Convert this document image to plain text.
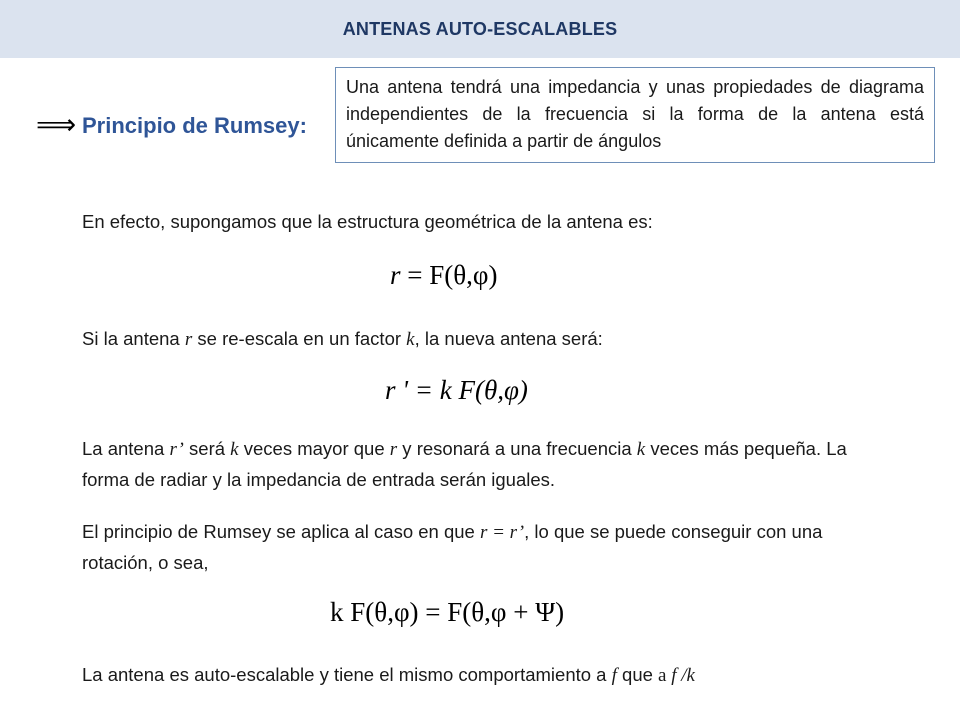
ANTENAS AUTO-ESCALABLES
⟹ Principio de Rumsey:
Una antena tendrá una impedancia y unas propiedades de diagrama independientes de la frecuencia si la forma de la antena está únicamente definida a partir de ángulos
En efecto, supongamos que la estructura geométrica de la antena es:
r = F(θ,φ)
Si la antena r se re-escala en un factor k, la nueva antena será:
r ' = k F(θ,φ)
La antena r’ será k veces mayor que r y resonará a una frecuencia k veces más pequeña. La forma de radiar y la impedancia de entrada serán iguales.
El principio de Rumsey se aplica al caso en que r = r’, lo que se puede conseguir con una rotación, o sea,
k F(θ,φ) = F(θ,φ + Ψ)
La antena es auto-escalable y tiene el mismo comportamiento a f que a f /k
